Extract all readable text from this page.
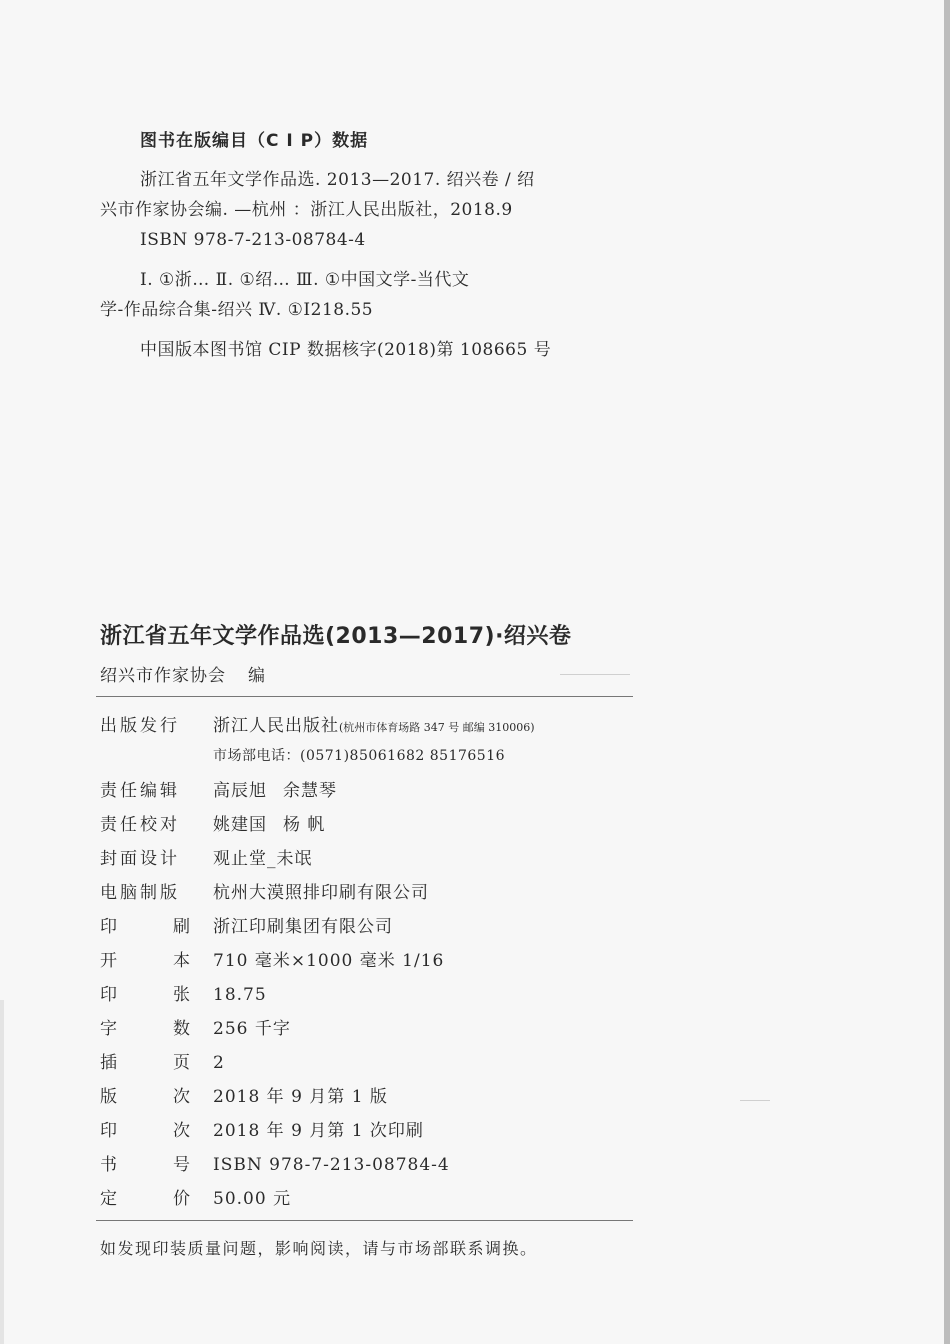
图书在版编目（C I P）数据
浙江省五年文学作品选. 2013—2017. 绍兴卷 / 绍
兴市作家协会编. —杭州 ：浙江人民出版社，2018.9
ISBN 978-7-213-08784-4
Ⅰ. ①浙… Ⅱ. ①绍… Ⅲ. ①中国文学-当代文
学-作品综合集-绍兴 Ⅳ. ①I218.55
中国版本图书馆 CIP 数据核字(2018)第 108665 号
浙江省五年文学作品选(2013—2017)·绍兴卷
绍兴市作家协会 编
出版发行	浙江人民出版社(杭州市体育场路 347 号 邮编 310006)
市场部电话：(0571)85061682 85176516
责任编辑	高辰旭 余慧琴
责任校对	姚建国 杨 帆
封面设计	观止堂_未氓
电脑制版	杭州大漠照排印刷有限公司
印	刷 浙江印刷集团有限公司
开	本 710 毫米×1000 毫米 1/16
印	张 18.75
字	数 256 千字
插	页 2
版	次 2018 年 9 月第 1 版
印	次 2018 年 9 月第 1 次印刷
书	号 ISBN 978-7-213-08784-4
定	价 50.00 元
如发现印装质量问题，影响阅读，请与市场部联系调换。
